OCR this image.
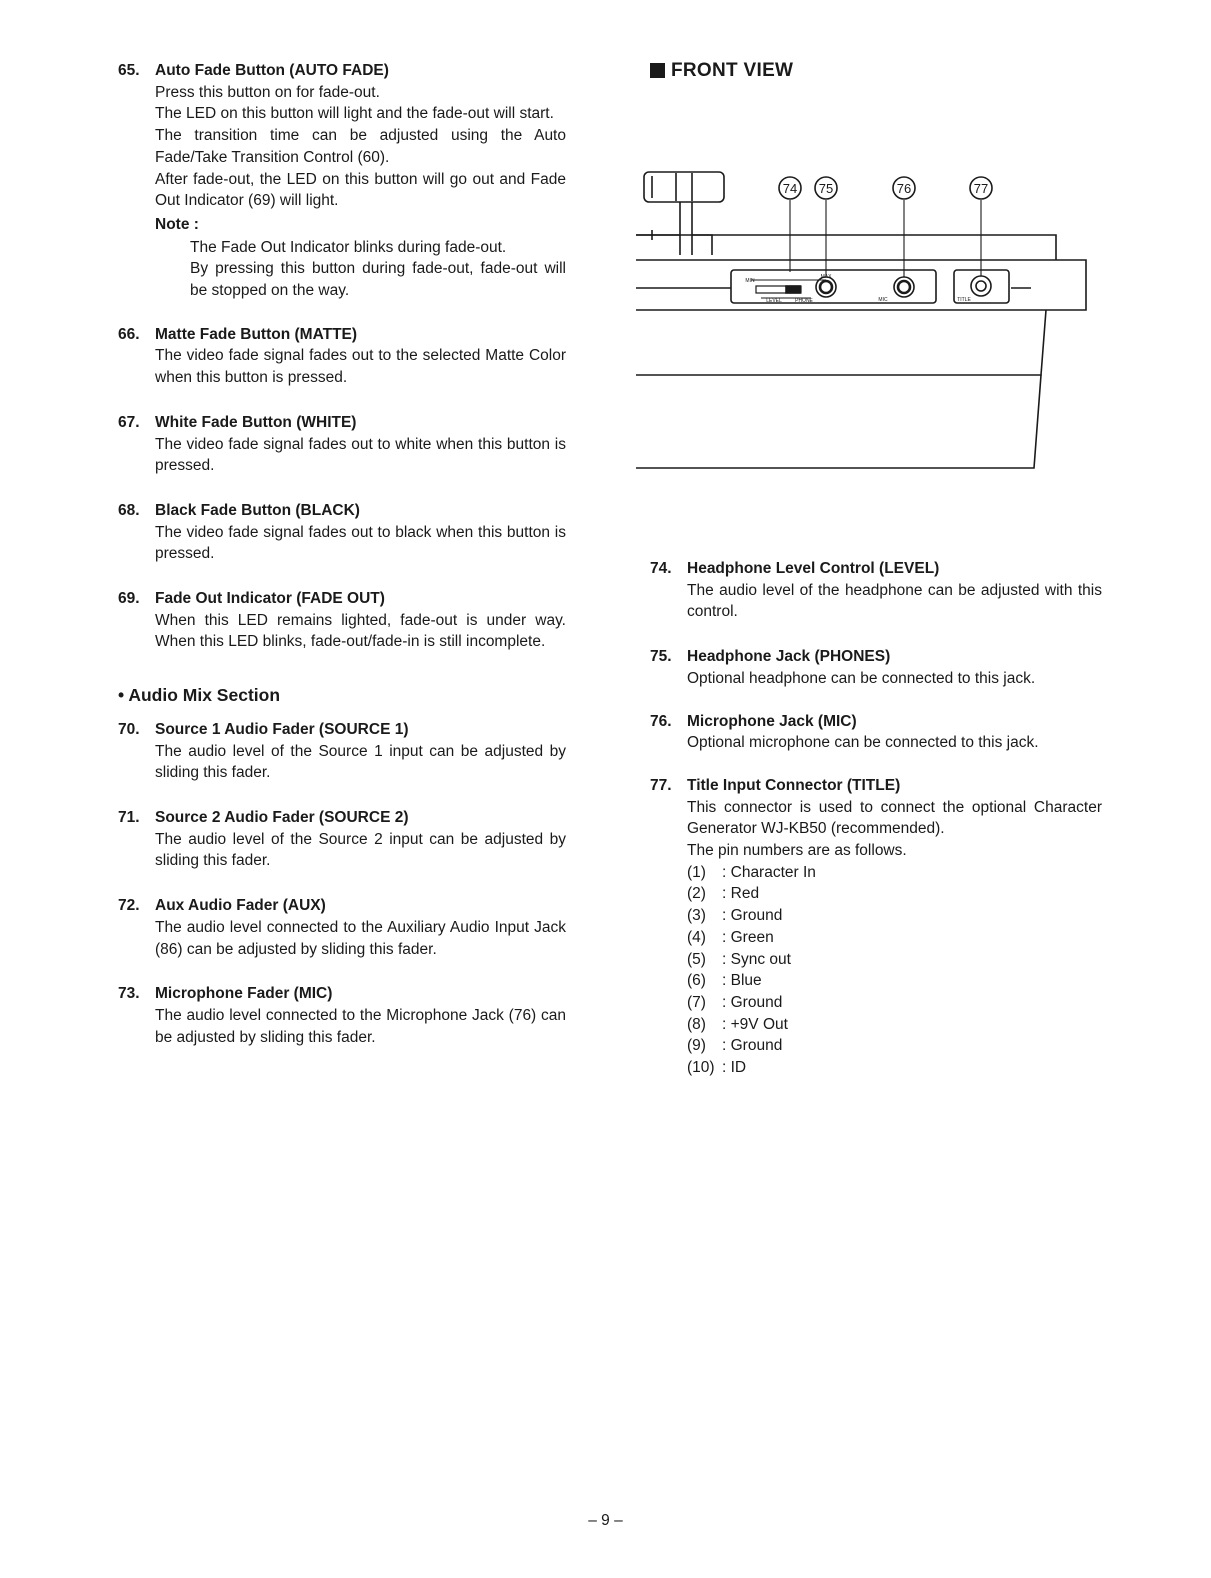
65. Auto Fade Button (AUTO FADE)

Press this button on for fade-out.

The LED on this button will light and the fade-out will start.

The transition time can be adjusted using the Auto Fade/Take Transition Control (60).

After fade-out, the LED on this button will go out and Fade Out Indicator (69) will light.

Note :

The Fade Out Indicator blinks during fade-out.

By pressing this button during fade-out, fade-out will be stopped on the way.

66. Matte Fade Button (MATTE)

The video fade signal fades out to the selected Matte Color when this button is pressed.

67. White Fade Button (WHITE)

The video fade signal fades out to white when this button is pressed.

68. Black Fade Button (BLACK)

The video fade signal fades out to black when this button is pressed.

69. Fade Out Indicator (FADE OUT)

When this LED remains lighted, fade-out is under way. When this LED blinks, fade-out/fade-in is still incomplete.

• Audio Mix Section

70. Source 1 Audio Fader (SOURCE 1)

The audio level of the Source 1 input can be adjusted by sliding this fader.

71. Source 2 Audio Fader (SOURCE 2)

The audio level of the Source 2 input can be adjusted by sliding this fader.

72. Aux Audio Fader (AUX)

The audio level connected to the Auxiliary Audio Input Jack (86) can be adjusted by sliding this fader.

73. Microphone Fader (MIC)

The audio level connected to the Microphone Jack (76) can be adjusted by sliding this fader.

FRONT VIEW
74 75	76	77
MIN
MAX
LEVEL	PHONE	MIC	TITLE
74. Headphone Level Control (LEVEL)

The audio level of the headphone can be adjusted with this control.

75. Headphone Jack (PHONES)

Optional headphone can be connected to this jack.

76. Microphone Jack (MIC)

Optional microphone can be connected to this jack.

77. Title Input Connector (TITLE)

This connector is used to connect the optional Character Generator WJ-KB50 (recommended).

The pin numbers are as follows.

(1)	: Character In
(2)	: Red
(3)	: Ground
(4)	: Green
(5)	: Sync out
(6)	: Blue
(7)	: Ground
(8)	: +9V Out
(9)	: Ground
(10)	: ID
– 9 –
